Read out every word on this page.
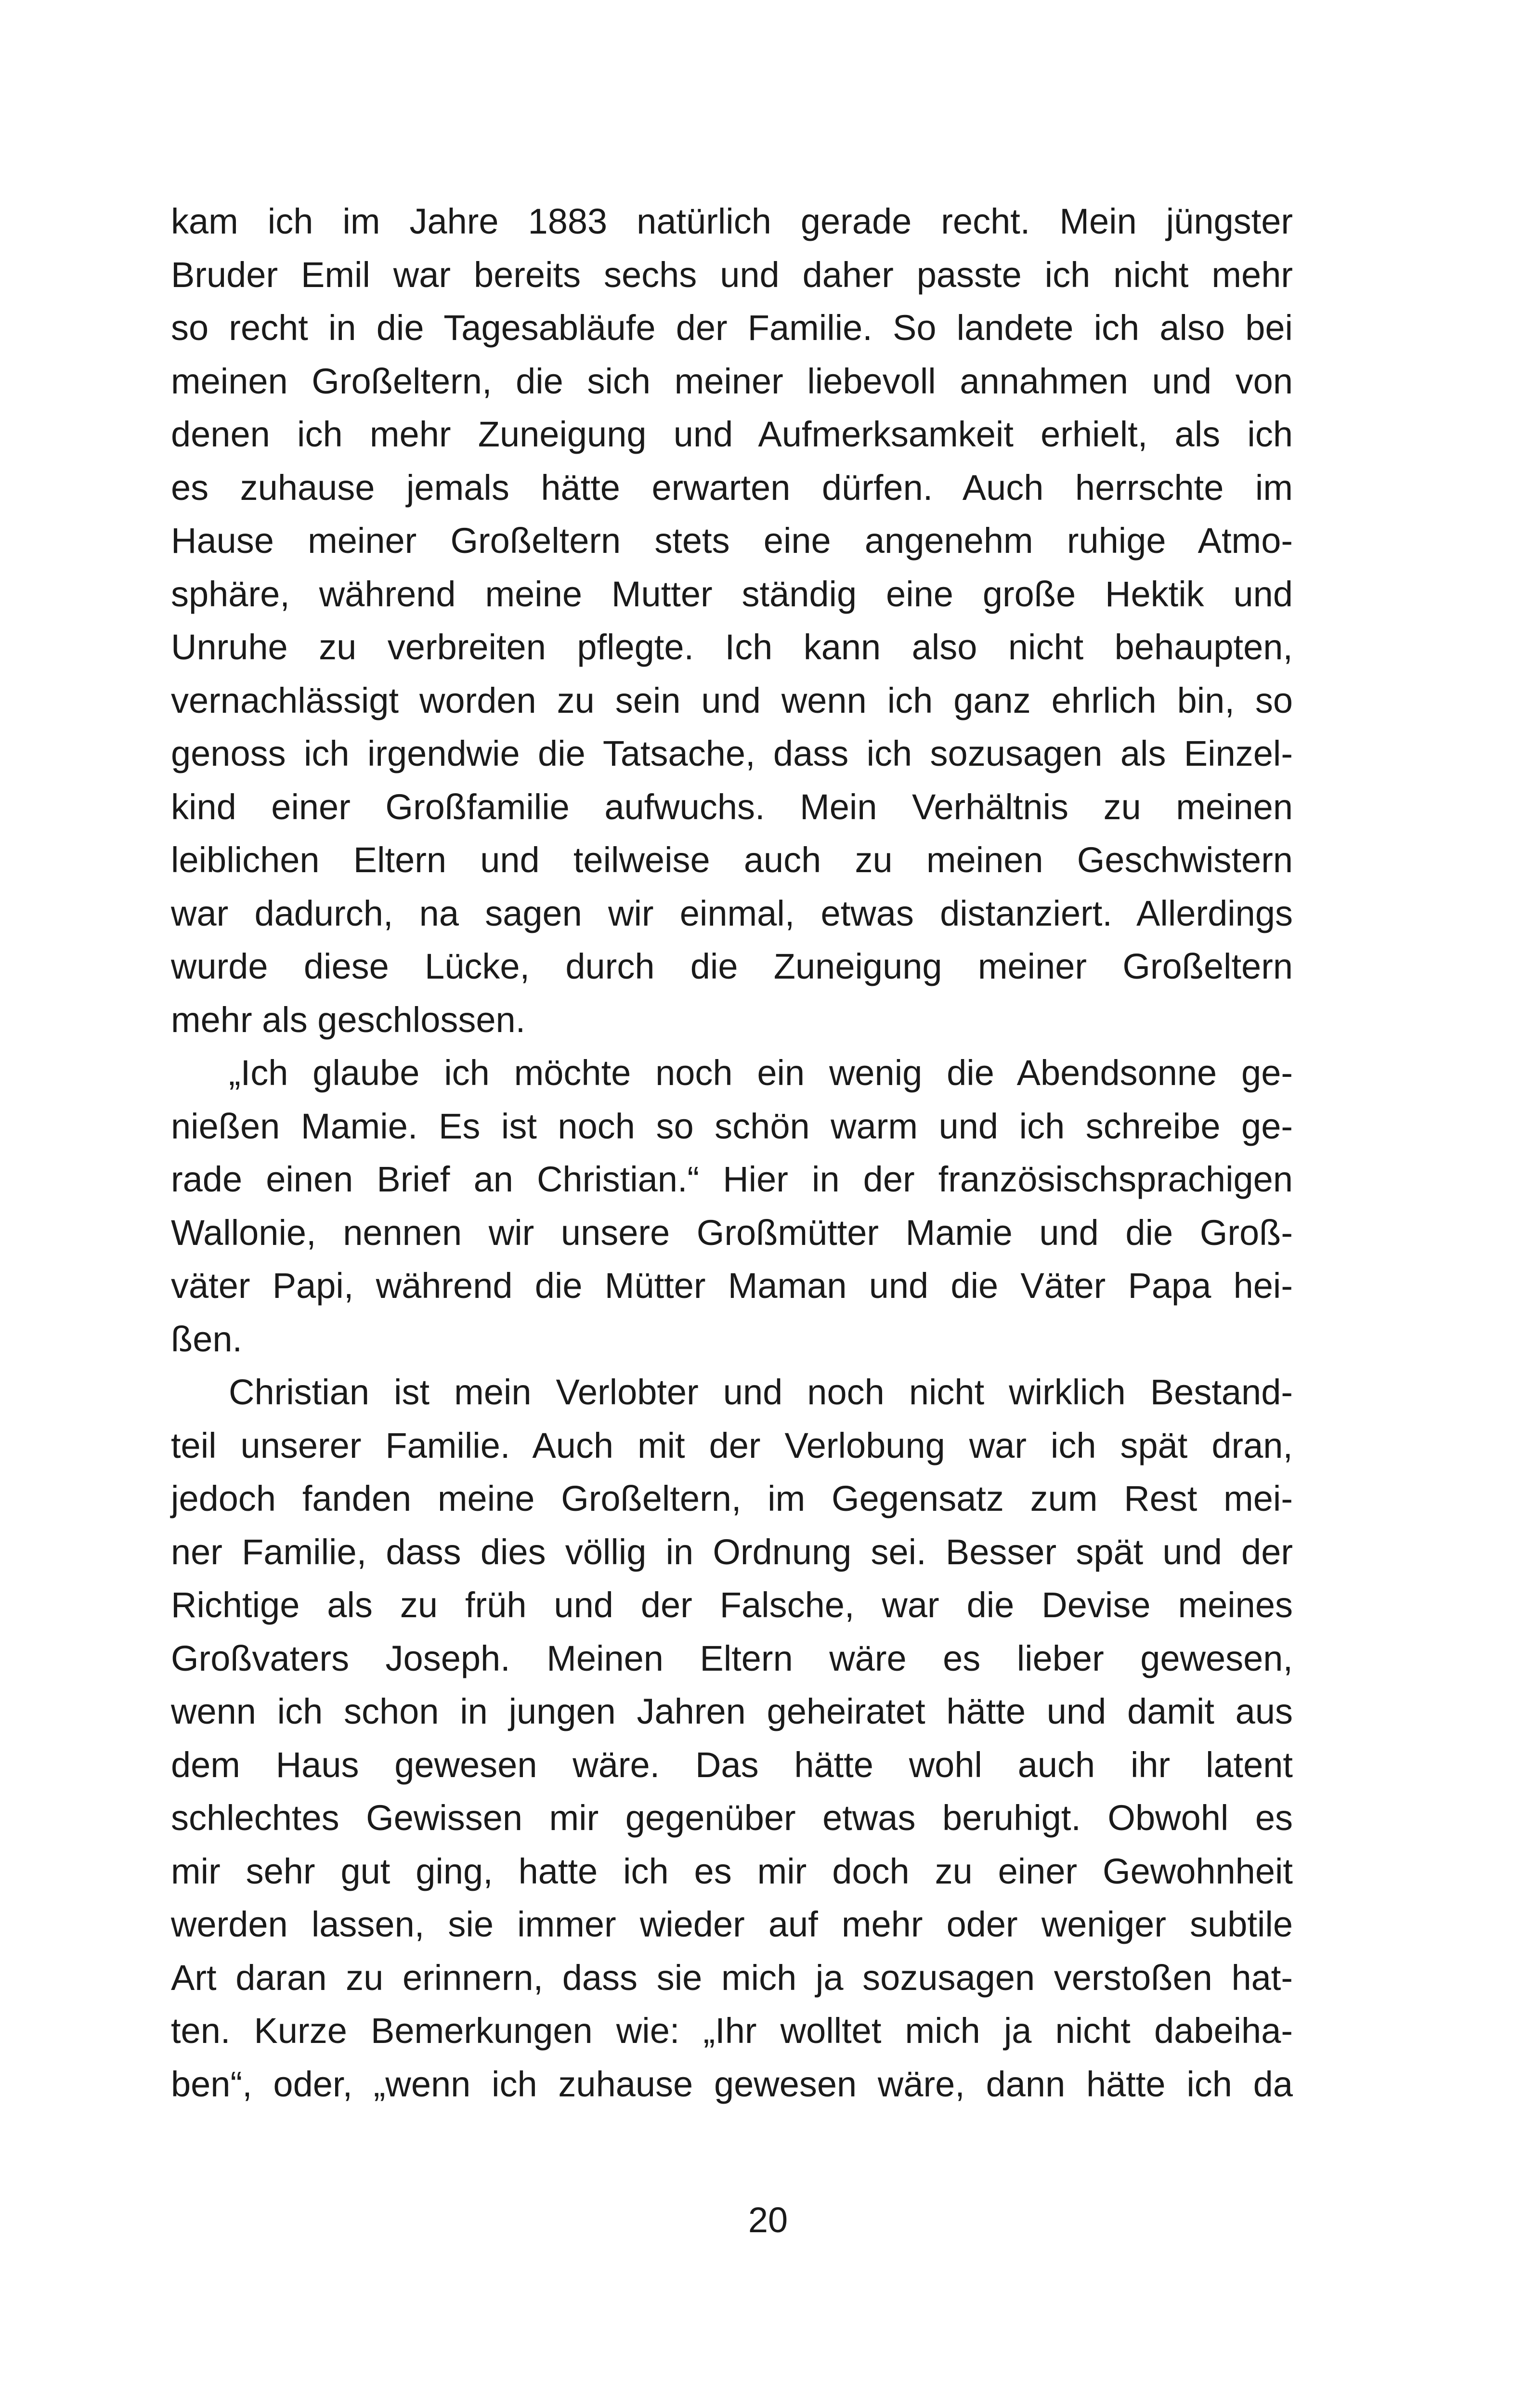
kam ich im Jahre 1883 natürlich gerade recht. Mein jüngster
Bruder Emil war bereits sechs und daher passte ich nicht mehr
so recht in die Tagesabläufe der Familie. So landete ich also bei
meinen Großeltern, die sich meiner liebevoll annahmen und von
denen ich mehr Zuneigung und Aufmerksamkeit erhielt, als ich
es zuhause jemals hätte erwarten dürfen. Auch herrschte im
Hause meiner Großeltern stets eine angenehm ruhige Atmo-
sphäre, während meine Mutter ständig eine große Hektik und
Unruhe zu verbreiten pflegte. Ich kann also nicht behaupten,
vernachlässigt worden zu sein und wenn ich ganz ehrlich bin, so
genoss ich irgendwie die Tatsache, dass ich sozusagen als Einzel-
kind einer Großfamilie aufwuchs. Mein Verhältnis zu meinen
leiblichen Eltern und teilweise auch zu meinen Geschwistern
war dadurch, na sagen wir einmal, etwas distanziert. Allerdings
wurde diese Lücke, durch die Zuneigung meiner Großeltern
mehr als geschlossen.
„Ich glaube ich möchte noch ein wenig die Abendsonne ge-
nießen Mamie. Es ist noch so schön warm und ich schreibe ge-
rade einen Brief an Christian.“ Hier in der französischsprachigen
Wallonie, nennen wir unsere Großmütter Mamie und die Groß-
väter Papi, während die Mütter Maman und die Väter Papa hei-
ßen.
Christian ist mein Verlobter und noch nicht wirklich Bestand-
teil unserer Familie. Auch mit der Verlobung war ich spät dran,
jedoch fanden meine Großeltern, im Gegensatz zum Rest mei-
ner Familie, dass dies völlig in Ordnung sei. Besser spät und der
Richtige als zu früh und der Falsche, war die Devise meines
Großvaters Joseph. Meinen Eltern wäre es lieber gewesen,
wenn ich schon in jungen Jahren geheiratet hätte und damit aus
dem Haus gewesen wäre. Das hätte wohl auch ihr latent
schlechtes Gewissen mir gegenüber etwas beruhigt. Obwohl es
mir sehr gut ging, hatte ich es mir doch zu einer Gewohnheit
werden lassen, sie immer wieder auf mehr oder weniger subtile
Art daran zu erinnern, dass sie mich ja sozusagen verstoßen hat-
ten. Kurze Bemerkungen wie: „Ihr wolltet mich ja nicht dabeiha-
ben“, oder, „wenn ich zuhause gewesen wäre, dann hätte ich da
20
